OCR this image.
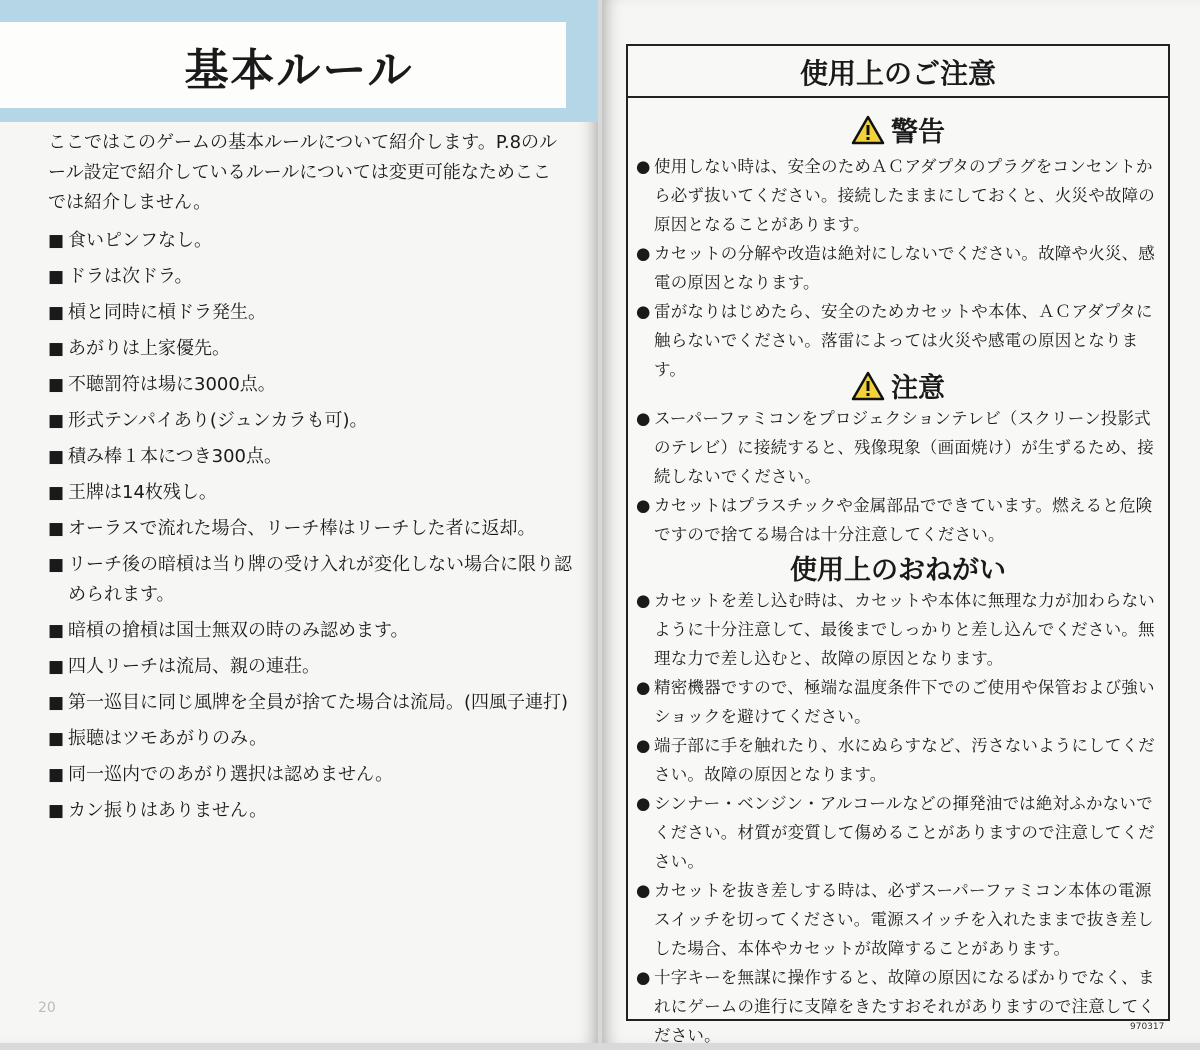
基本ルール

ここではこのゲームの基本ルールについて紹介します。P.8のルール設定で紹介しているルールについては変更可能なためここでは紹介しません。

■ 食いピンフなし。
■ ドラは次ドラ。
■ 槓と同時に槓ドラ発生。
■ あがりは上家優先。
■ 不聴罰符は場に3000点。
■ 形式テンパイあり(ジュンカラも可)。
■ 積み棒１本につき300点。
■ 王牌は14枚残し。
■ オーラスで流れた場合、リーチ棒はリーチした者に返却。
■ リーチ後の暗槓は当り牌の受け入れが変化しない場合に限り認められます。
■ 暗槓の搶槓は国士無双の時のみ認めます。
■ 四人リーチは流局、親の連荘。
■ 第一巡目に同じ風牌を全員が捨てた場合は流局。(四風子連打)
■ 振聴はツモあがりのみ。
■ 同一巡内でのあがり選択は認めません。
■ カン振りはありません。
20
使用上のご注意
警告
● 使用しない時は、安全のためＡＣアダプタのプラグをコンセントから必ず抜いてください。接続したままにしておくと、火災や故障の原因となることがあります。
● カセットの分解や改造は絶対にしないでください。故障や火災、感電の原因となります。
● 雷がなりはじめたら、安全のためカセットや本体、ＡＣアダプタに触らないでください。落雷によっては火災や感電の原因となります。
注意
● スーパーファミコンをプロジェクションテレビ（スクリーン投影式のテレビ）に接続すると、残像現象（画面焼け）が生ずるため、接続しないでください。
● カセットはプラスチックや金属部品でできています。燃えると危険ですので捨てる場合は十分注意してください。
使用上のおねがい
● カセットを差し込む時は、カセットや本体に無理な力が加わらないように十分注意して、最後までしっかりと差し込んでください。無理な力で差し込むと、故障の原因となります。
● 精密機器ですので、極端な温度条件下でのご使用や保管および強いショックを避けてください。
● 端子部に手を触れたり、水にぬらすなど、汚さないようにしてください。故障の原因となります。
● シンナー・ベンジン・アルコールなどの揮発油では絶対ふかないでください。材質が変質して傷めることがありますので注意してください。
● カセットを抜き差しする時は、必ずスーパーファミコン本体の電源スイッチを切ってください。電源スイッチを入れたままで抜き差しした場合、本体やカセットが故障することがあります。
● 十字キーを無謀に操作すると、故障の原因になるばかりでなく、まれにゲームの進行に支障をきたすおそれがありますので注意してください。	970317
